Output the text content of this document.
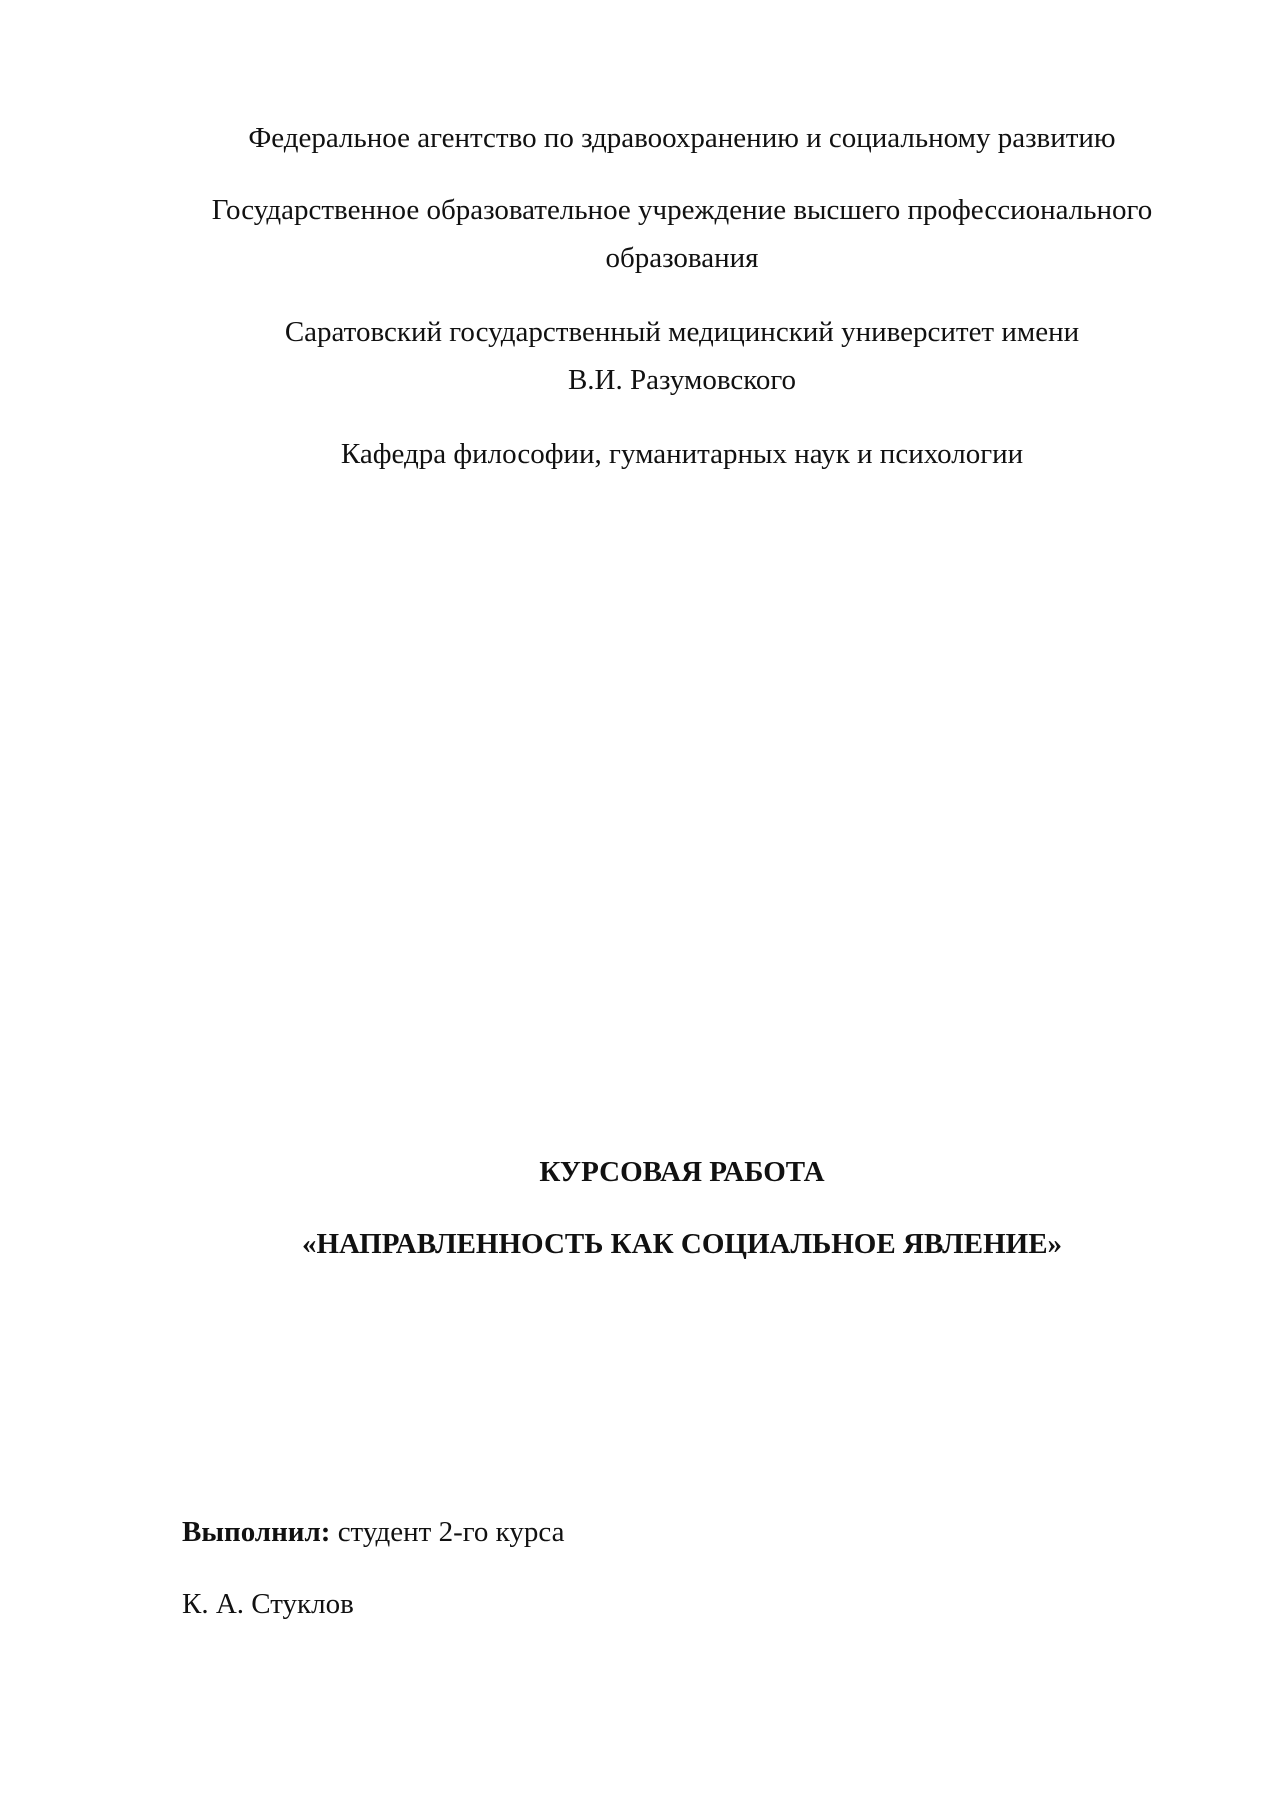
Федеральное агентство по здравоохранению и социальному развитию
Государственное образовательное учреждение высшего профессионального
образования
Саратовский государственный медицинский университет имени
В.И. Разумовского
Кафедра философии, гуманитарных наук и психологии
КУРСОВАЯ РАБОТА
«НАПРАВЛЕННОСТЬ КАК СОЦИАЛЬНОЕ ЯВЛЕНИЕ»
Выполнил: студент 2-го курса
К. А. Стуклов
